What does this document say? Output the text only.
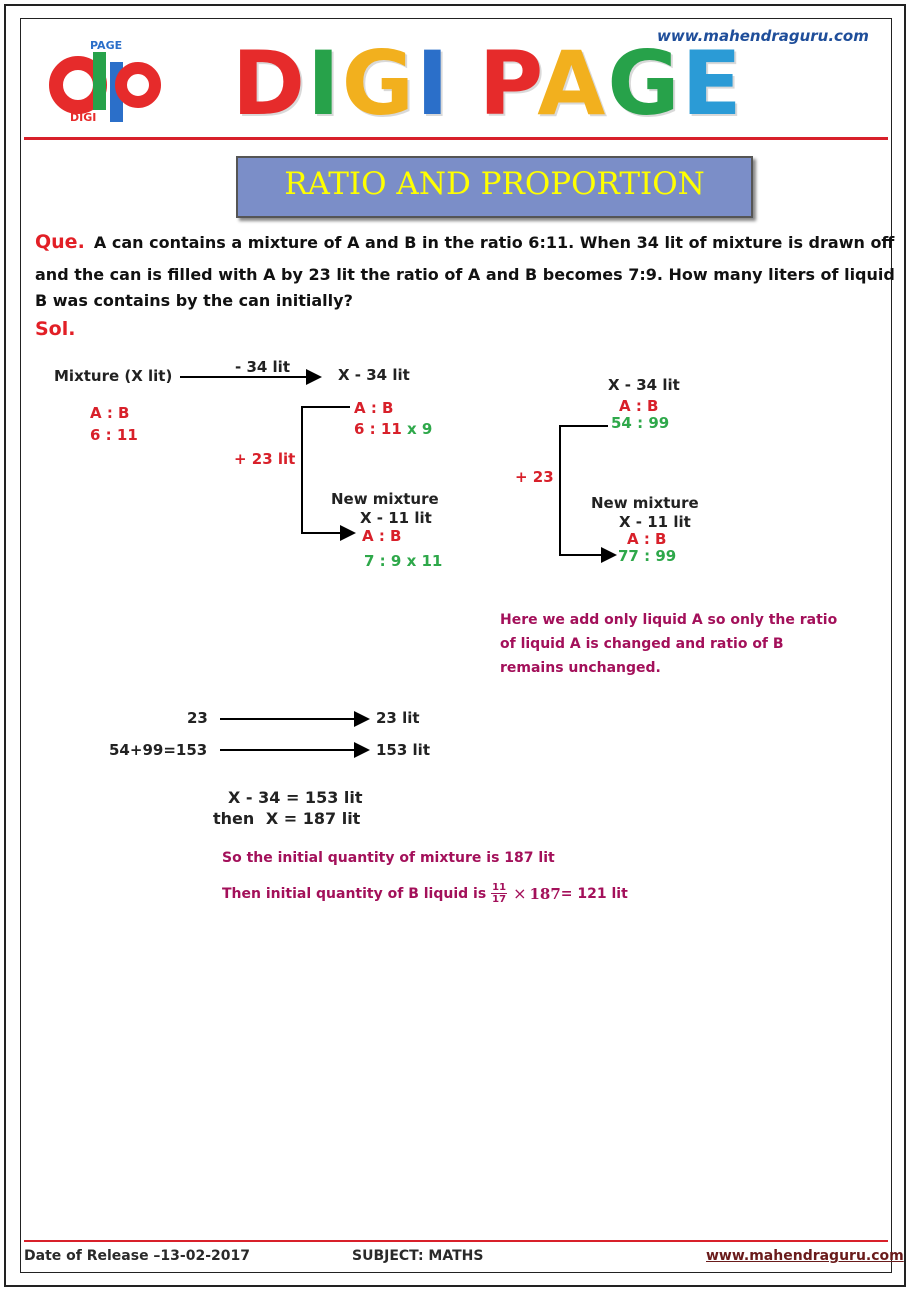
www.mahendraguru.com
PAGE
DIGI DIGI PAGE
RATIO AND PROPORTION
Que. A can contains a mixture of A and B in the ratio 6:11. When 34 lit of mixture is drawn off
and the can is filled with A by 23 lit the ratio of A and B becomes 7:9. How many liters of liquid
B was contains by the can initially?
Sol.
Mixture (X lit)	- 34 lit	X - 34 lit
A : B
6 : 11
A : B
6 : 11 x 9
+ 23 lit
New mixture
X - 11 lit
A : B
7 : 9 x 11
X - 34 lit
A : B
54 : 99
+ 23
New mixture
X - 11 lit
A : B
77 : 99
Here we add only liquid A so only the ratio
of liquid A is changed and ratio of B
remains unchanged.
23	23 lit
54+99=153	153 lit
X - 34 = 153 lit
then X = 187 lit
So the initial quantity of mixture is 187 lit
Then initial quantity of B liquid is $\frac{11}{17} \times 187 = 121$ lit
Date of Release –13-02-2017	SUBJECT: MATHS	www.mahendraguru.com
